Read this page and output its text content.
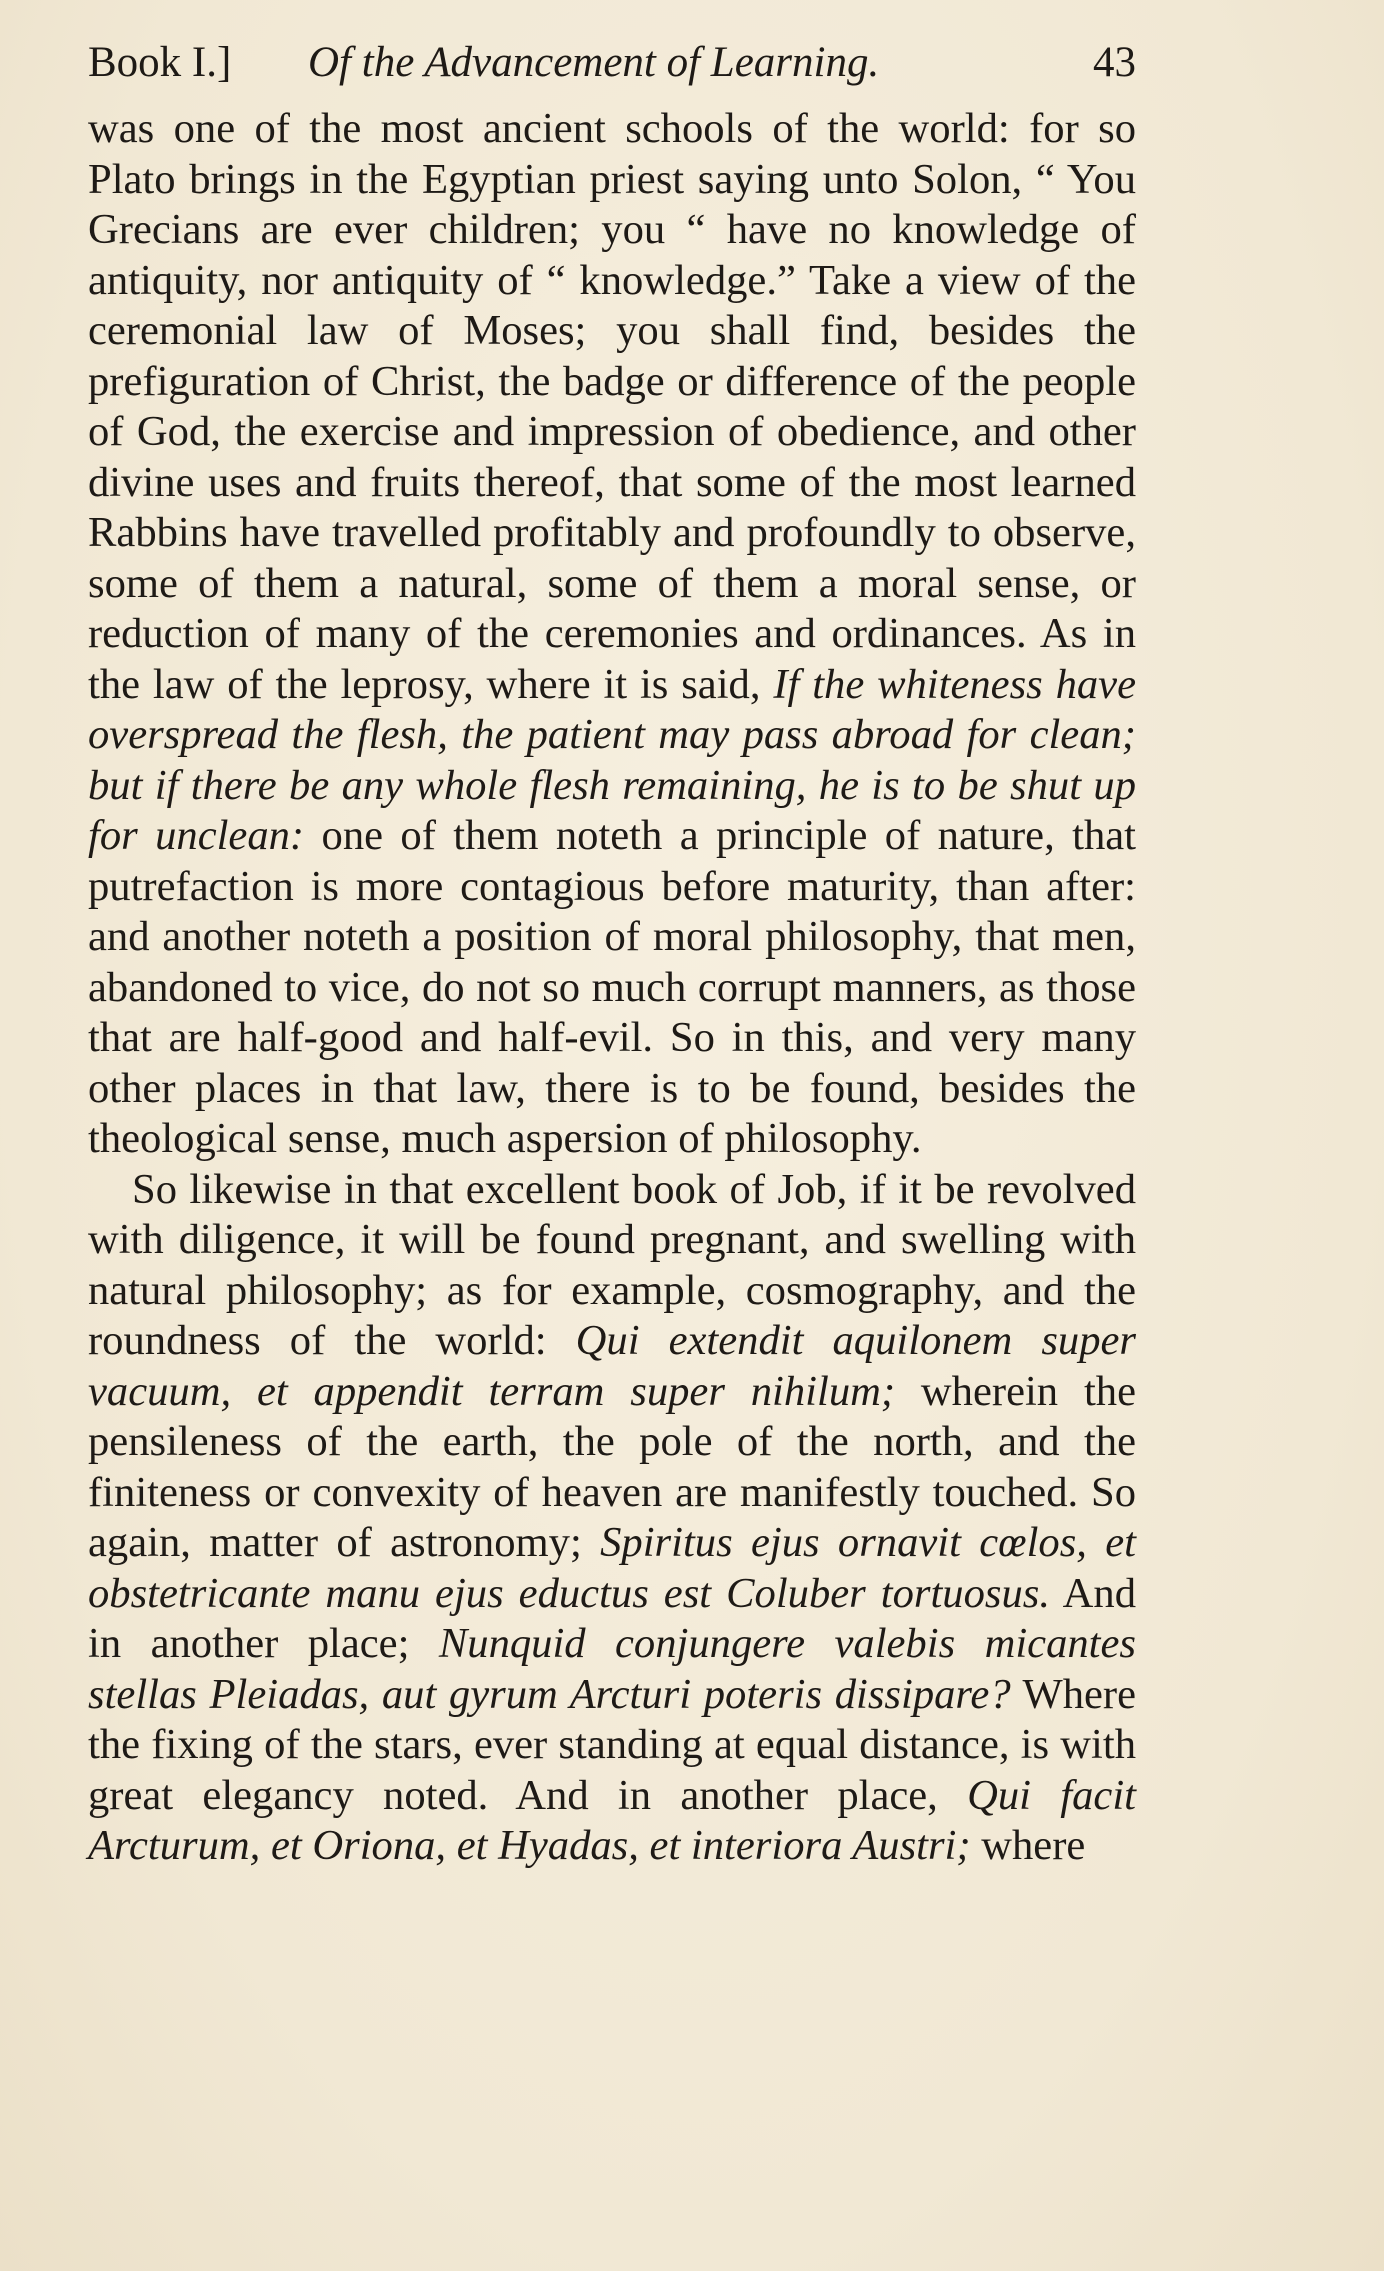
Book I.] Of the Advancement of Learning.	43

was one of the most ancient schools of the world: for so Plato brings in the Egyptian priest saying unto Solon, “ You Grecians are ever children; you “ have no knowledge of antiquity, nor antiquity of “ knowledge.” Take a view of the ceremonial law of Moses; you shall find, besides the prefiguration of Christ, the badge or difference of the people of God, the exercise and impression of obedience, and other divine uses and fruits thereof, that some of the most learned Rabbins have travelled profitably and profoundly to observe, some of them a natural, some of them a moral sense, or reduction of many of the ceremonies and ordinances. As in the law of the leprosy, where it is said, If the whiteness have overspread the flesh, the patient may pass abroad for clean; but if there be any whole flesh remaining, he is to be shut up for unclean: one of them noteth a principle of nature, that putrefaction is more contagious before maturity, than after: and another noteth a position of moral philosophy, that men, abandoned to vice, do not so much corrupt manners, as those that are half-good and half-evil. So in this, and very many other places in that law, there is to be found, besides the theological sense, much aspersion of philosophy.

So likewise in that excellent book of Job, if it be revolved with diligence, it will be found pregnant, and swelling with natural philosophy; as for example, cosmography, and the roundness of the world: Qui extendit aquilonem super vacuum, et appendit terram super nihilum; wherein the pensileness of the earth, the pole of the north, and the finiteness or convexity of heaven are manifestly touched. So again, matter of astronomy; Spiritus ejus ornavit cœlos, et obstetricante manu ejus eductus est Coluber tortuosus. And in another place; Nunquid conjungere valebis micantes stellas Pleiadas, aut gyrum Arcturi poteris dissipare? Where the fixing of the stars, ever standing at equal distance, is with great elegancy noted. And in another place, Qui facit Arcturum, et Oriona, et Hyadas, et interiora Austri; where
